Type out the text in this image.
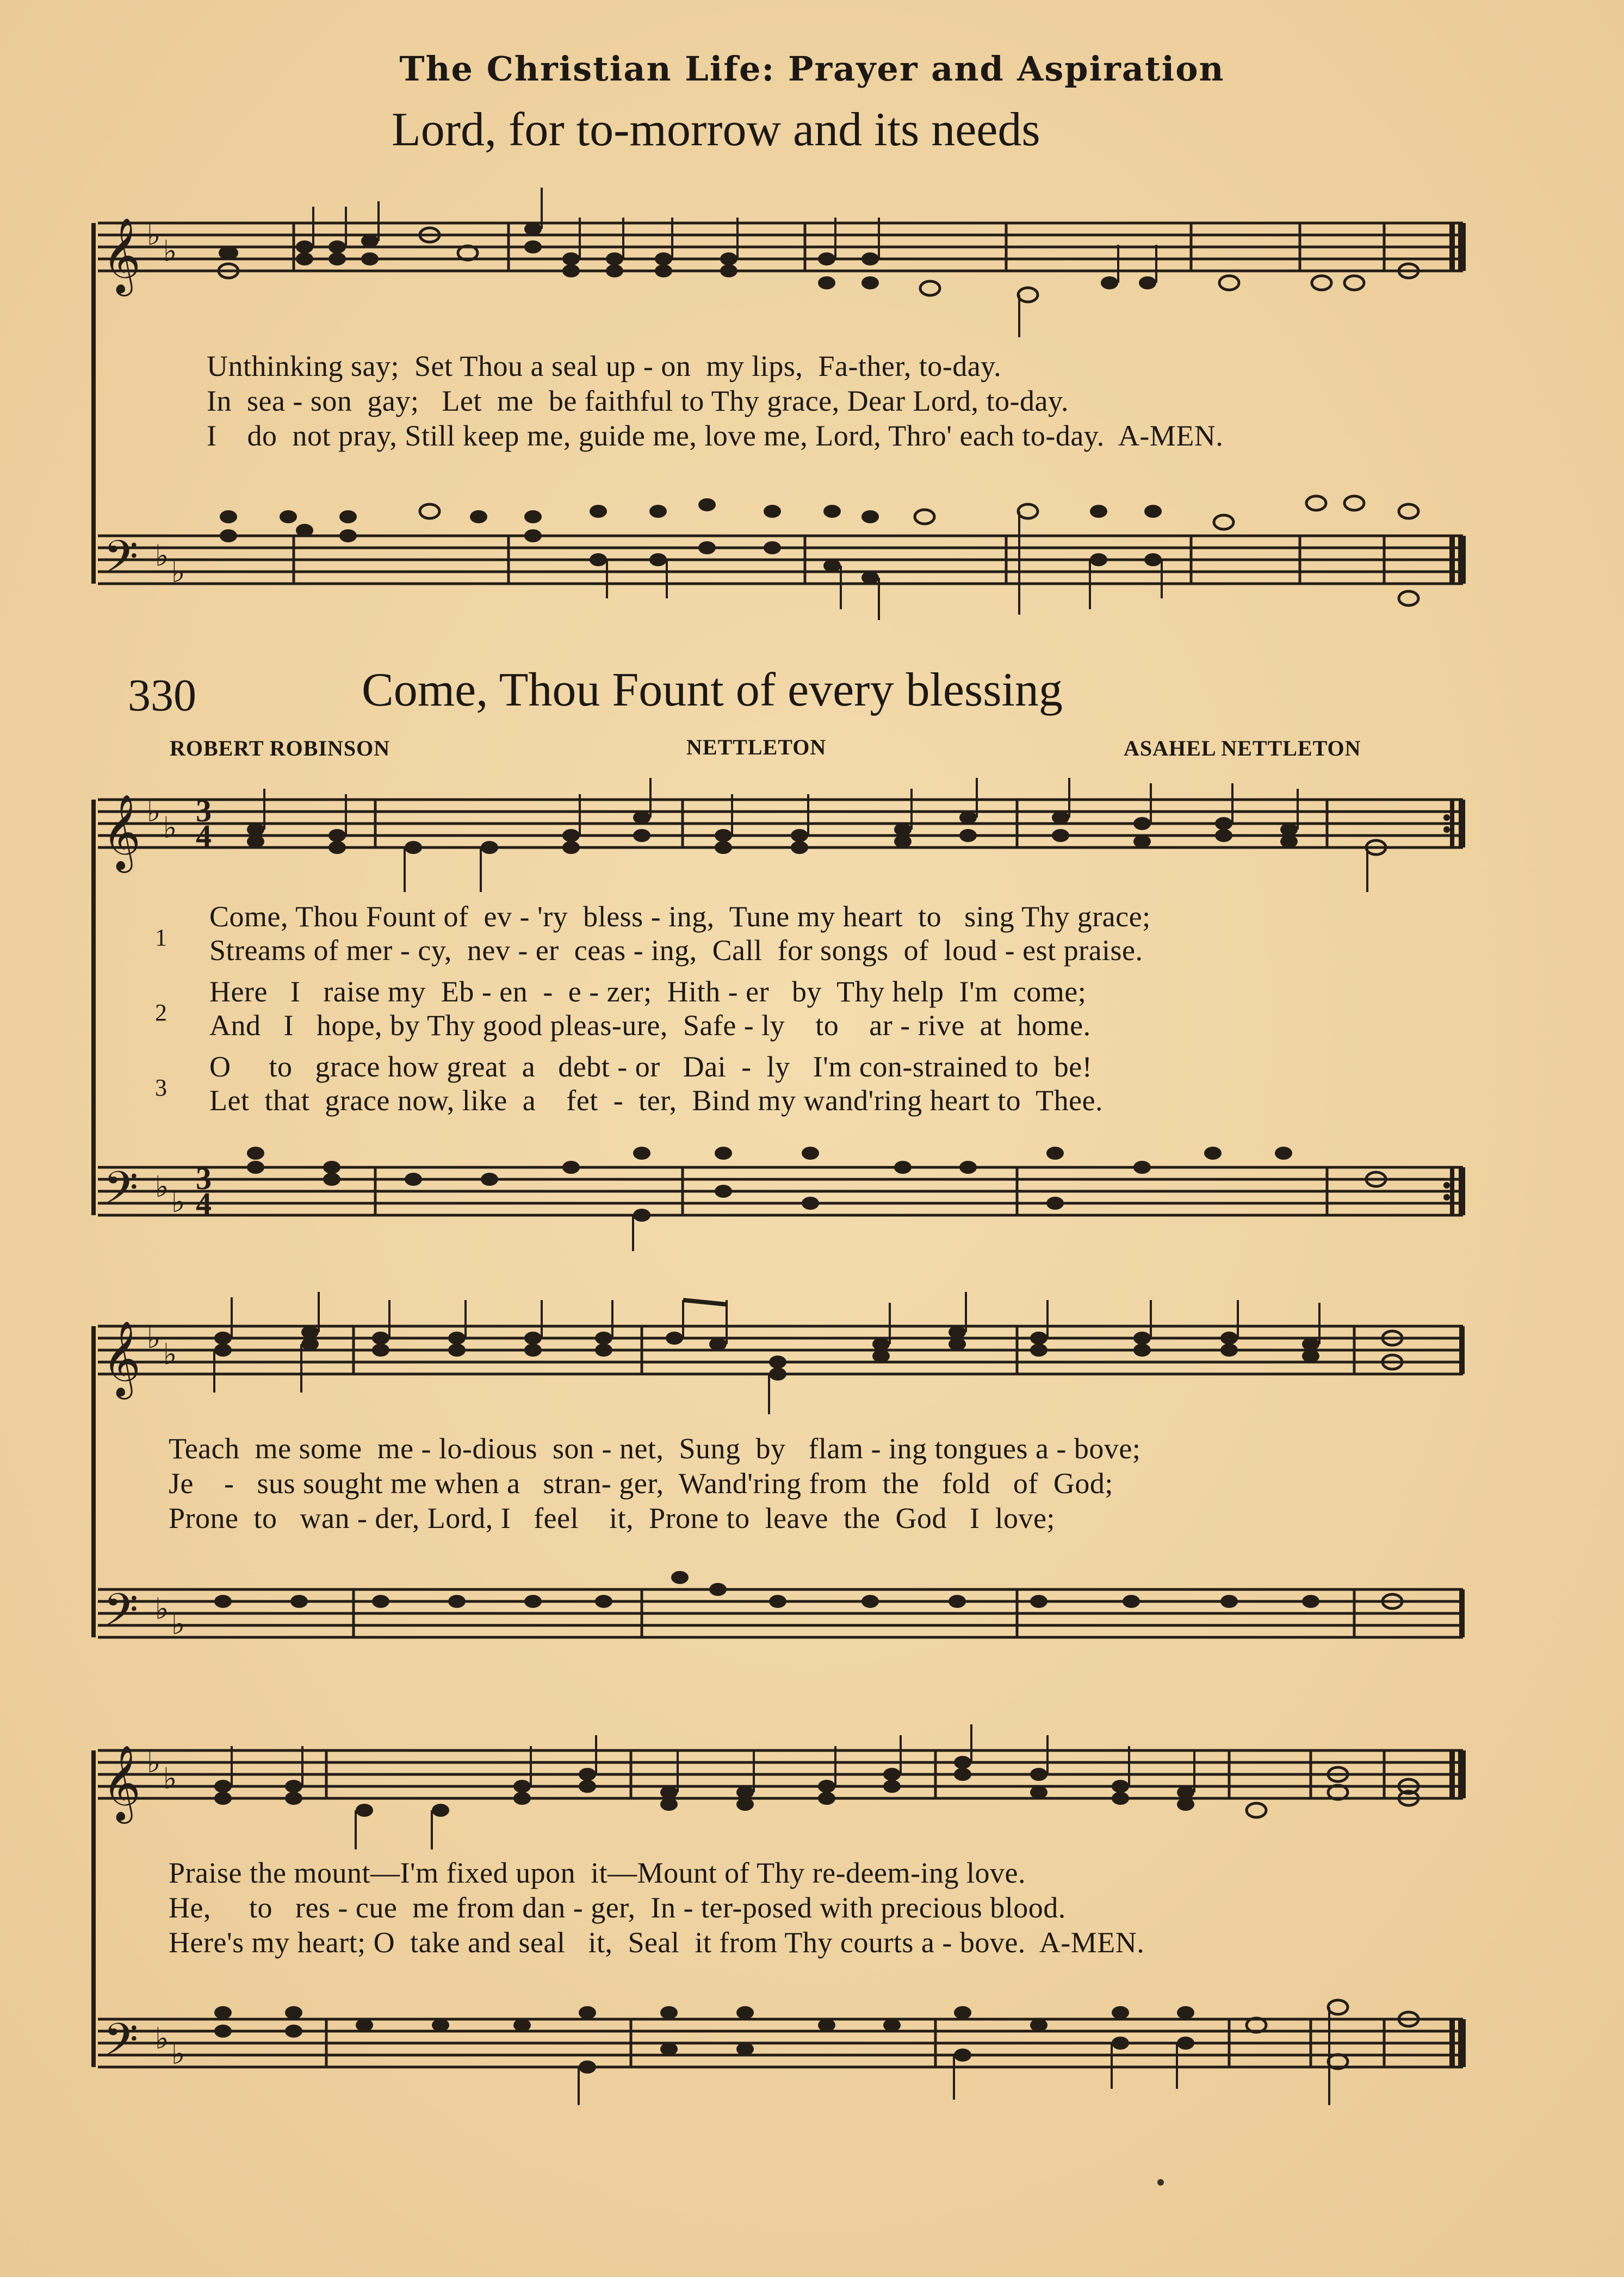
The Christian Life: Prayer and Aspiration
Lord, for to-morrow and its needs
𝄞 ♭ ♭
Unthinking say;  Set Thou a seal up - on  my lips,  Fa-ther, to-day.
In  sea - son  gay;   Let  me  be faithful to Thy grace, Dear Lord, to-day.
I    do  not pray, Still keep me, guide me, love me, Lord, Thro' each to-day.  A-MEN.
𝄢 ♭ ♭
330	Come, Thou Fount of every blessing
ROBERT ROBINSON	NETTLETON	ASAHEL NETTLETON
𝄞 ♭ ♭ 3
4
𝄢 ♭ ♭
3
4
1
2
3
Come, Thou Fount of  ev - 'ry  bless - ing,  Tune my heart  to   sing Thy grace;
Streams of mer - cy,  nev - er  ceas - ing,  Call  for songs  of  loud - est praise.
Here   I   raise my  Eb - en  -  e - zer;  Hith - er   by  Thy help  I'm  come;
And   I   hope, by Thy good pleas-ure,  Safe - ly    to    ar - rive  at  home.
O     to   grace how great  a   debt - or   Dai  -  ly   I'm con-strained to  be!
Let  that  grace now, like  a    fet  -  ter,  Bind my wand'ring heart to  Thee.
𝄞 ♭ ♭
𝄢 ♭ ♭
Teach  me some  me - lo-dious  son - net,  Sung  by   flam - ing tongues a - bove;
Je    -   sus sought me when a   stran- ger,  Wand'ring from  the   fold   of  God;
Prone  to   wan - der, Lord, I   feel    it,  Prone to  leave  the  God   I  love;
𝄞 ♭ ♭
𝄢 ♭ ♭
Praise the mount—I'm fixed upon  it—Mount of Thy re-deem-ing love.
He,     to   res - cue  me from dan - ger,  In - ter-posed with precious blood.
Here's my heart; O  take and seal   it,  Seal  it from Thy courts a - bove.  A-MEN.
